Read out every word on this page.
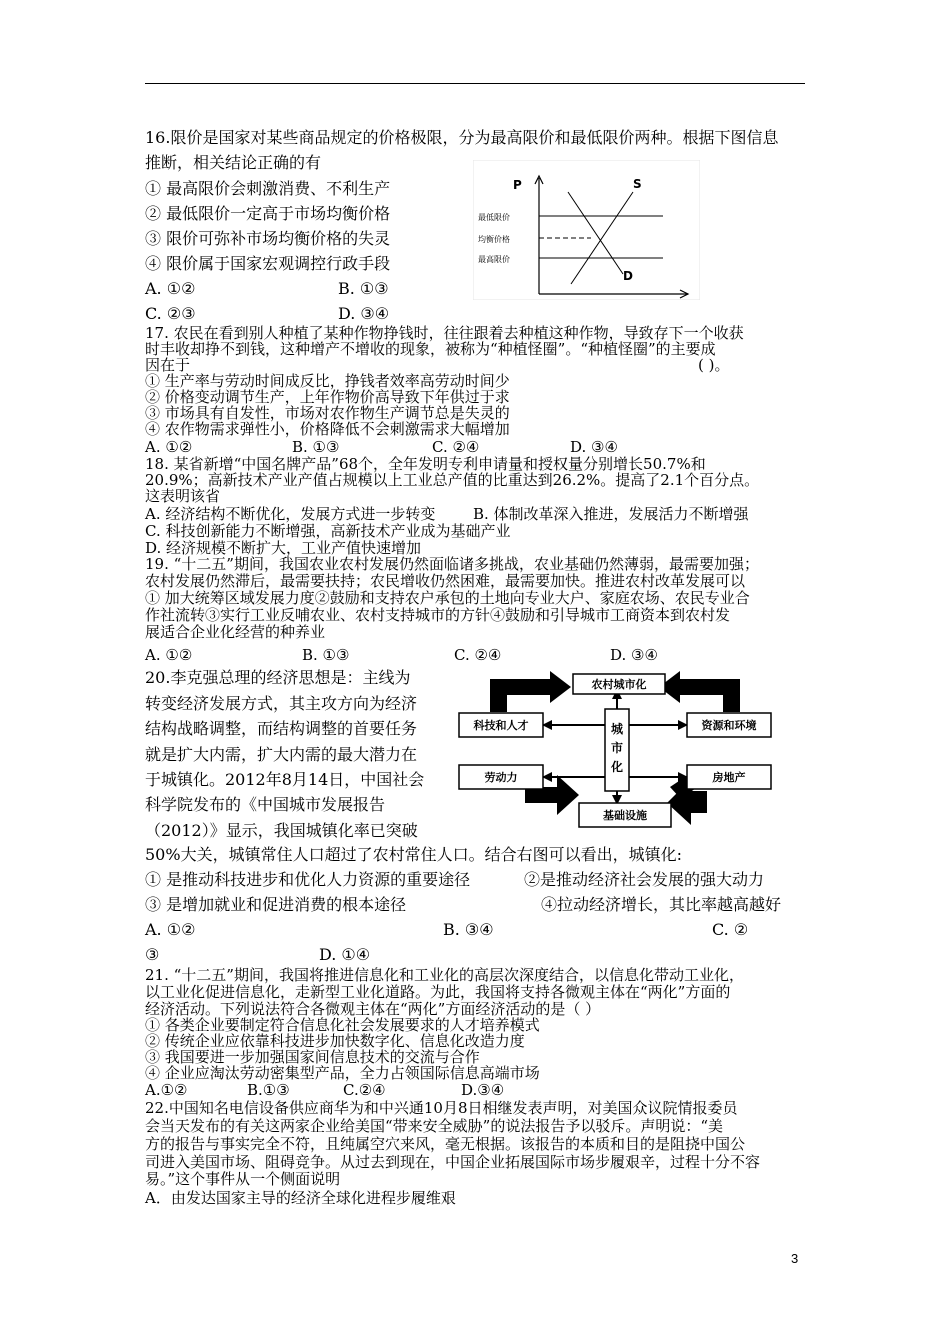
16.限价是国家对某些商品规定的价格极限，分为最高限价和最低限价两种。根据下图信息
推断，相关结论正确的有
① 最高限价会刺激消费、不利生产
② 最低限价一定高于市场均衡价格
③ 限价可弥补市场均衡价格的失灵
④ 限价属于国家宏观调控行政手段
A. ①②	B. ①③
C. ②③	D. ③④
P	S
D
最低限价
均衡价格
最高限价
17. 农民在看到别人种植了某种作物挣钱时，往往跟着去种植这种作物，导致存下一个收获
时丰收却挣不到钱，这种增产不增收的现象，被称为“种植怪圈”。“种植怪圈”的主要成
因在于	( )。
① 生产率与劳动时间成反比，挣钱者效率高劳动时间少
② 价格变动调节生产，上年作物价高导致下年供过于求
③ 市场具有自发性，市场对农作物生产调节总是失灵的
④ 农作物需求弹性小，价格降低不会刺激需求大幅增加
A. ①②	B. ①③	C. ②④	D. ③④
18. 某省新增“中国名牌产品”68个，全年发明专利申请量和授权量分别增长50.7%和
20.9%；高新技术产业产值占规模以上工业总产值的比重达到26.2%。提高了2.1个百分点。
这表明该省
A. 经济结构不断优化，发展方式进一步转变	B. 体制改革深入推进，发展活力不断增强
C. 科技创新能力不断增强，高新技术产业成为基础产业
D. 经济规模不断扩大，工业产值快速增加
19. “十二五”期间，我国农业农村发展仍然面临诸多挑战，农业基础仍然薄弱，最需要加强；
农村发展仍然滞后，最需要扶持；农民增收仍然困难，最需要加快。推进农村改革发展可以
① 加大统筹区域发展力度②鼓励和支持农户承包的土地向专业大户、家庭农场、农民专业合
作社流转③实行工业反哺农业、农村支持城市的方针④鼓励和引导城市工商资本到农村发
展适合企业化经营的种养业
A. ①②	B. ①③	C. ②④	D. ③④
20.李克强总理的经济思想是：主线为
转变经济发展方式，其主攻方向为经济
结构战略调整，而结构调整的首要任务
就是扩大内需，扩大内需的最大潜力在
于城镇化。2012年8月14日，中国社会
科学院发布的《中国城市发展报告
（2012）》显示，我国城镇化率已突破
50%大关，城镇常住人口超过了农村常住人口。结合右图可以看出，城镇化:
① 是推动科技进步和优化人力资源的重要途径	②是推动经济社会发展的强大动力
③ 是增加就业和促进消费的根本途径	④拉动经济增长，其比率越高越好
A. ①②	B. ③④	C. ②
③	D. ①④
农村城市化
科技和人才	资源和环境
城
市
化
劳动力	房地产
基础设施
21. “十二五”期间，我国将推进信息化和工业化的高层次深度结合，以信息化带动工业化，
以工业化促进信息化，走新型工业化道路。为此，我国将支持各微观主体在“两化”方面的
经济活动。下列说法符合各微观主体在“两化”方面经济活动的是（ ）
① 各类企业要制定符合信息化社会发展要求的人才培养模式
② 传统企业应依靠科技进步加快数字化、信息化改造力度
③ 我国要进一步加强国家间信息技术的交流与合作
④ 企业应淘汰劳动密集型产品，全力占领国际信息高端市场
A.①②	B.①③	C.②④	D.③④
22.中国知名电信设备供应商华为和中兴通10月8日相继发表声明，对美国众议院情报委员
会当天发布的有关这两家企业给美国“带来安全威胁”的说法报告予以驳斥。声明说：“美
方的报告与事实完全不符，且纯属空穴来风，毫无根据。该报告的本质和目的是阻挠中国公
司进入美国市场、阻碍竞争。从过去到现在，中国企业拓展国际市场步履艰辛，过程十分不容
易。”这个事件从一个侧面说明
A．由发达国家主导的经济全球化进程步履维艰
3
